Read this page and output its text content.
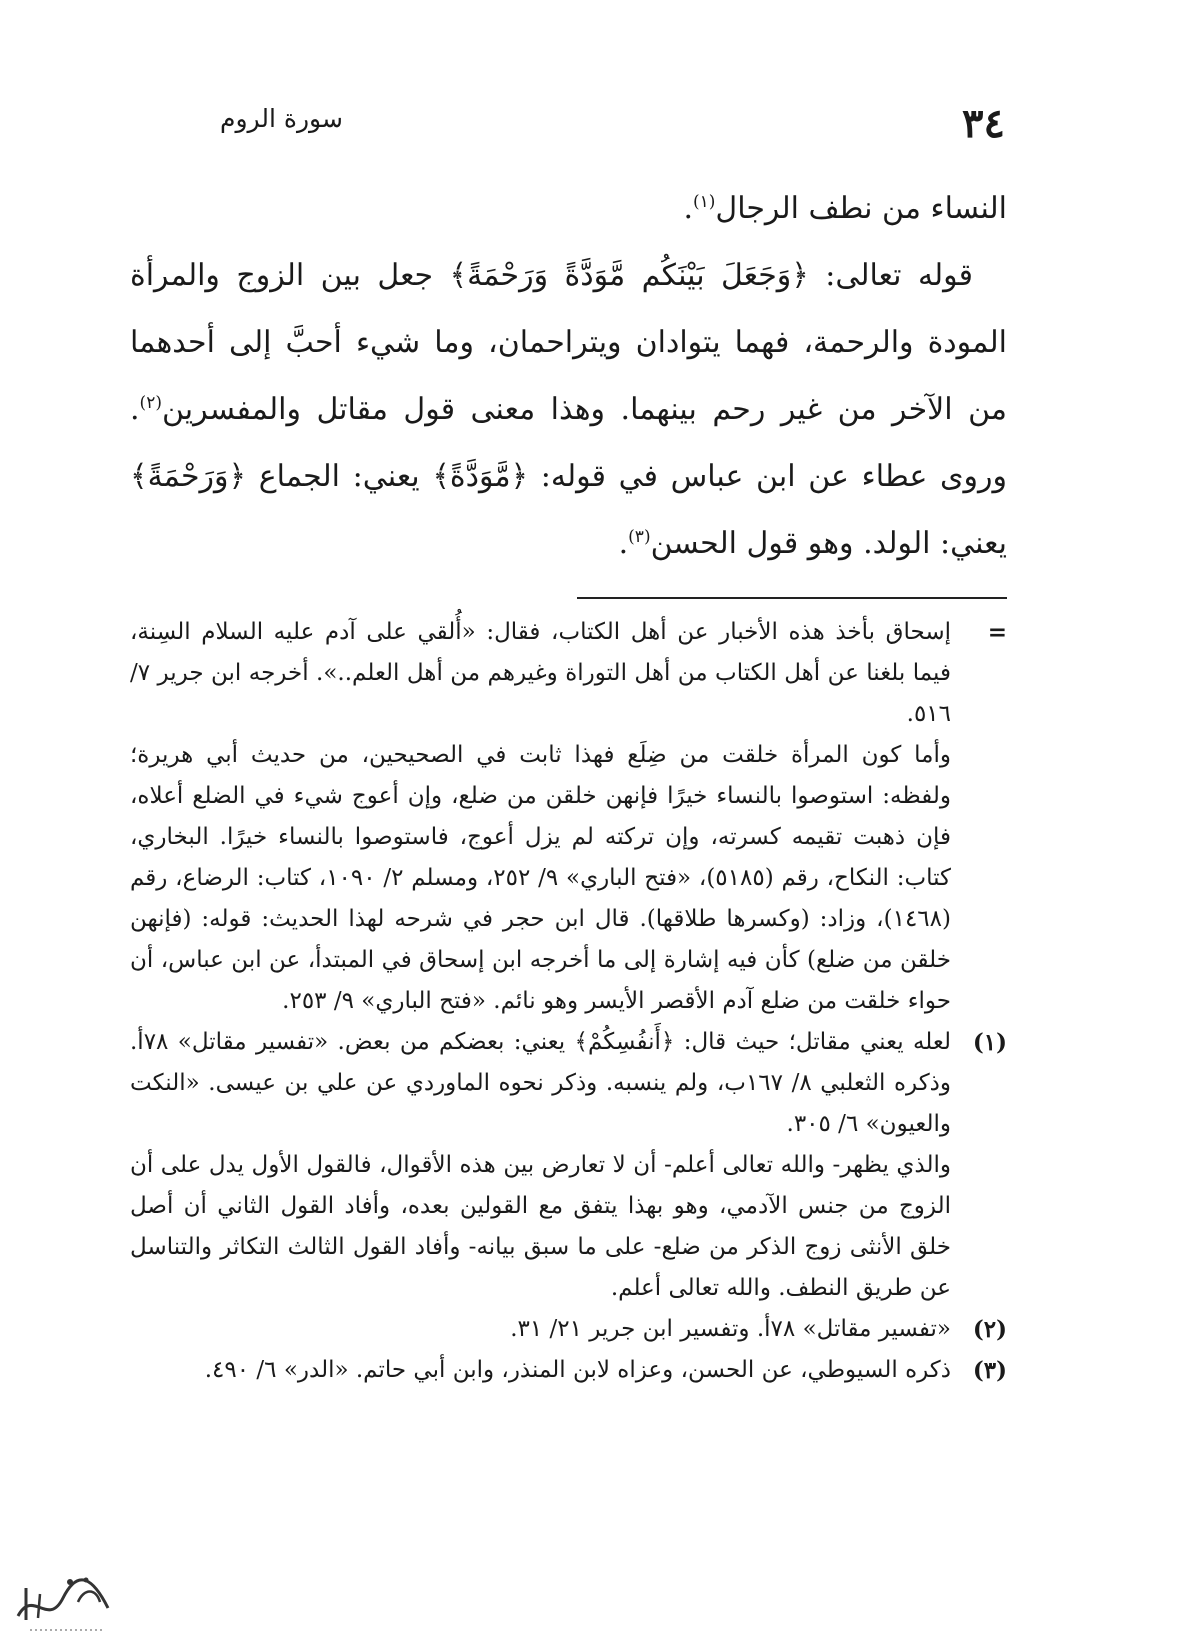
٣٤
سورة الروم

النساء من نطف الرجال$^{(١)}$.

قوله تعالى: ﴿وَجَعَلَ بَيْنَكُم مَّوَدَّةً وَرَحْمَةً﴾ جعل بين الزوج والمرأة المودة والرحمة، فهما يتوادان ويتراحمان، وما شيء أحبَّ إلى أحدهما من الآخر من غير رحم بينهما. وهذا معنى قول مقاتل والمفسرين$^{(٢)}$. وروى عطاء عن ابن عباس في قوله: ﴿مَّوَدَّةً﴾ يعني: الجماع ﴿وَرَحْمَةً﴾ يعني: الولد. وهو قول الحسن$^{(٣)}$.

=

إسحاق بأخذ هذه الأخبار عن أهل الكتاب، فقال: «أُلقي على آدم عليه السلام السِنة، فيما بلغنا عن أهل الكتاب من أهل التوراة وغيرهم من أهل العلم..». أخرجه ابن جرير ٧/ ٥١٦.

وأما كون المرأة خلقت من ضِلَع فهذا ثابت في الصحيحين، من حديث أبي هريرة؛ ولفظه: استوصوا بالنساء خيرًا فإنهن خلقن من ضلع، وإن أعوج شيء في الضلع أعلاه، فإن ذهبت تقيمه كسرته، وإن تركته لم يزل أعوج، فاستوصوا بالنساء خيرًا. البخاري، كتاب: النكاح، رقم (٥١٨٥)، «فتح الباري» ٩/ ٢٥٢، ومسلم ٢/ ١٠٩٠، كتاب: الرضاع، رقم (١٤٦٨)، وزاد: (وكسرها طلاقها). قال ابن حجر في شرحه لهذا الحديث: قوله: (فإنهن خلقن من ضلع) كأن فيه إشارة إلى ما أخرجه ابن إسحاق في المبتدأ، عن ابن عباس، أن حواء خلقت من ضلع آدم الأقصر الأيسر وهو نائم. «فتح الباري» ٩/ ٢٥٣.

(١)

لعله يعني مقاتل؛ حيث قال: ﴿أَنفُسِكُمْ﴾ يعني: بعضكم من بعض. «تفسير مقاتل» ٧٨أ. وذكره الثعلبي ٨/ ١٦٧ب، ولم ينسبه. وذكر نحوه الماوردي عن علي بن عيسى. «النكت والعيون» ٦/ ٣٠٥.

والذي يظهر- والله تعالى أعلم- أن لا تعارض بين هذه الأقوال، فالقول الأول يدل على أن الزوج من جنس الآدمي، وهو بهذا يتفق مع القولين بعده، وأفاد القول الثاني أن أصل خلق الأنثى زوج الذكر من ضلع- على ما سبق بيانه- وأفاد القول الثالث التكاثر والتناسل عن طريق النطف. والله تعالى أعلم.

(٢)

«تفسير مقاتل» ٧٨أ. وتفسير ابن جرير ٢١/ ٣١.

(٣)

ذكره السيوطي، عن الحسن، وعزاه لابن المنذر، وابن أبي حاتم. «الدر» ٦/ ٤٩٠.
